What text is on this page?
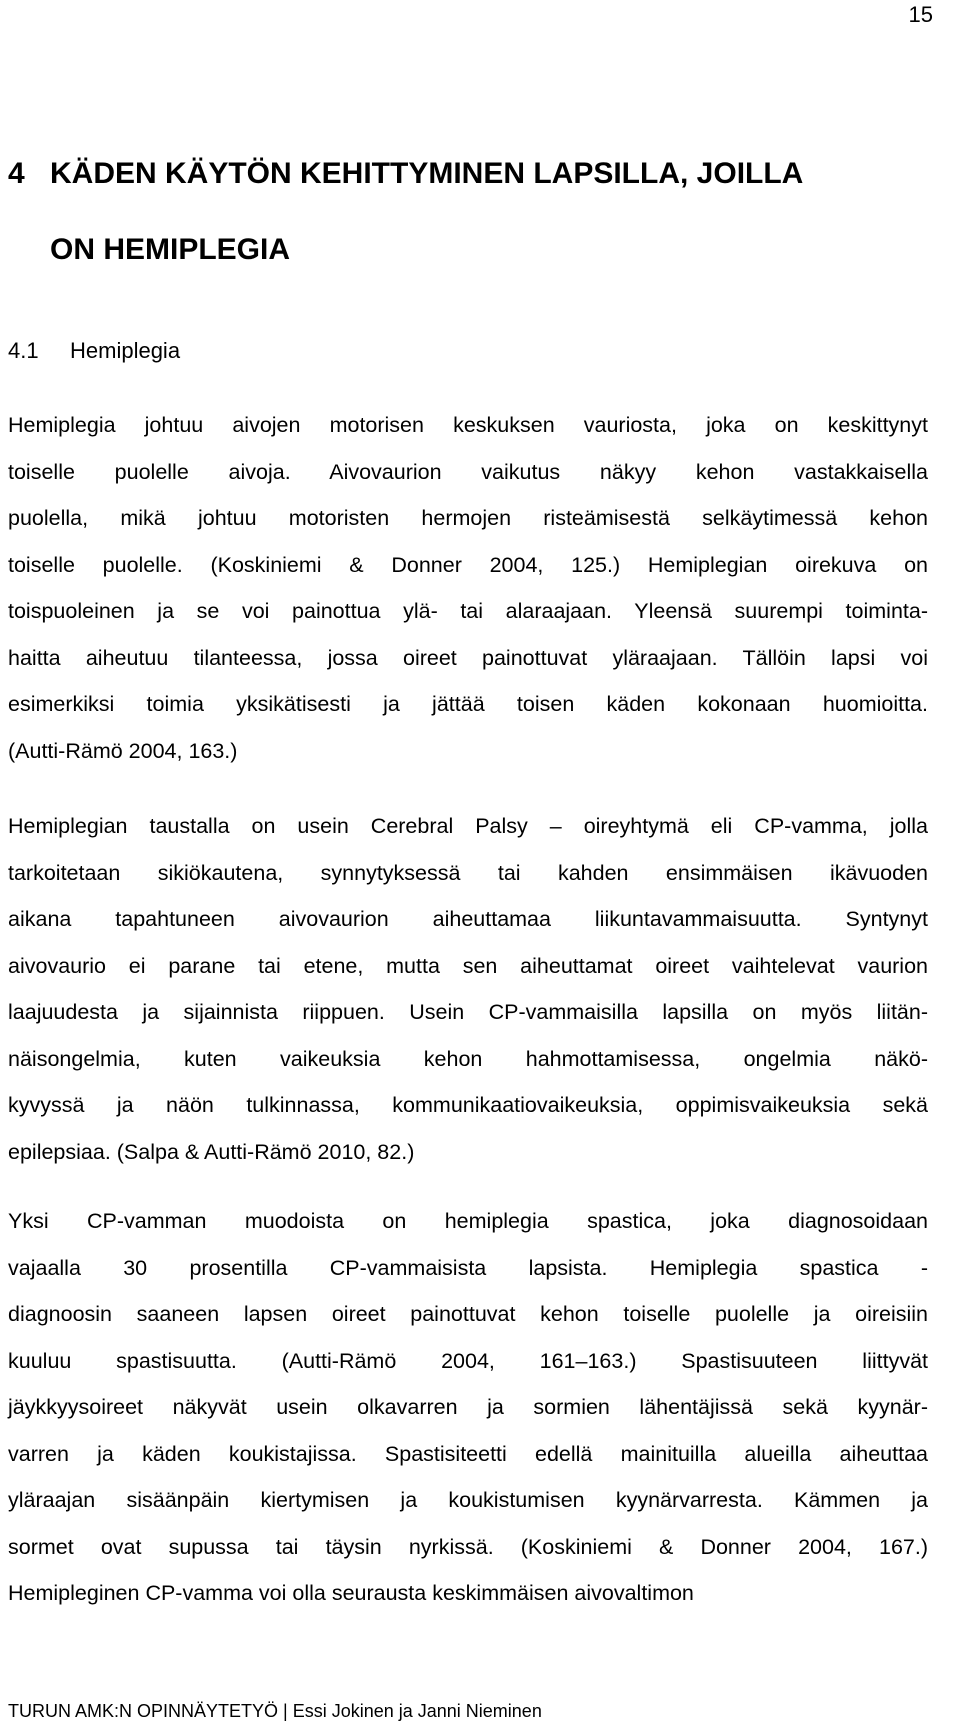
15
4 KÄDEN KÄYTÖN KEHITTYMINEN LAPSILLA, JOILLA
ON HEMIPLEGIA
4.1 Hemiplegia
Hemiplegia johtuu aivojen motorisen keskuksen vauriosta, joka on keskittynyt
toiselle puolelle aivoja. Aivovaurion vaikutus näkyy kehon vastakkaisella
puolella, mikä johtuu motoristen hermojen risteämisestä selkäytimessä kehon
toiselle puolelle. (Koskiniemi & Donner 2004, 125.) Hemiplegian oirekuva on
toispuoleinen ja se voi painottua ylä- tai alaraajaan. Yleensä suurempi toiminta-
haitta aiheutuu tilanteessa, jossa oireet painottuvat yläraajaan. Tällöin lapsi voi
esimerkiksi toimia yksikätisesti ja jättää toisen käden kokonaan huomioitta.
(Autti-Rämö 2004, 163.)
Hemiplegian taustalla on usein Cerebral Palsy – oireyhtymä eli CP-vamma, jolla
tarkoitetaan sikiökautena, synnytyksessä tai kahden ensimmäisen ikävuoden
aikana tapahtuneen aivovaurion aiheuttamaa liikuntavammaisuutta. Syntynyt
aivovaurio ei parane tai etene, mutta sen aiheuttamat oireet vaihtelevat vaurion
laajuudesta ja sijainnista riippuen. Usein CP-vammaisilla lapsilla on myös liitän-
näisongelmia, kuten vaikeuksia kehon hahmottamisessa, ongelmia näkö-
kyvyssä ja näön tulkinnassa, kommunikaatiovaikeuksia, oppimisvaikeuksia sekä
epilepsiaa. (Salpa & Autti-Rämö 2010, 82.)
Yksi CP-vamman muodoista on hemiplegia spastica, joka diagnosoidaan
vajaalla 30 prosentilla CP-vammaisista lapsista. Hemiplegia spastica -
diagnoosin saaneen lapsen oireet painottuvat kehon toiselle puolelle ja oireisiin
kuuluu spastisuutta. (Autti-Rämö 2004, 161–163.) Spastisuuteen liittyvät
jäykkyysoireet näkyvät usein olkavarren ja sormien lähentäjissä sekä kyynär-
varren ja käden koukistajissa. Spastisiteetti edellä mainituilla alueilla aiheuttaa
yläraajan sisäänpäin kiertymisen ja koukistumisen kyynärvarresta. Kämmen ja
sormet ovat supussa tai täysin nyrkissä. (Koskiniemi & Donner 2004, 167.)
Hemipleginen CP-vamma voi olla seurausta keskimmäisen aivovaltimon
TURUN AMK:N OPINNÄYTETYÖ | Essi Jokinen ja Janni Nieminen
